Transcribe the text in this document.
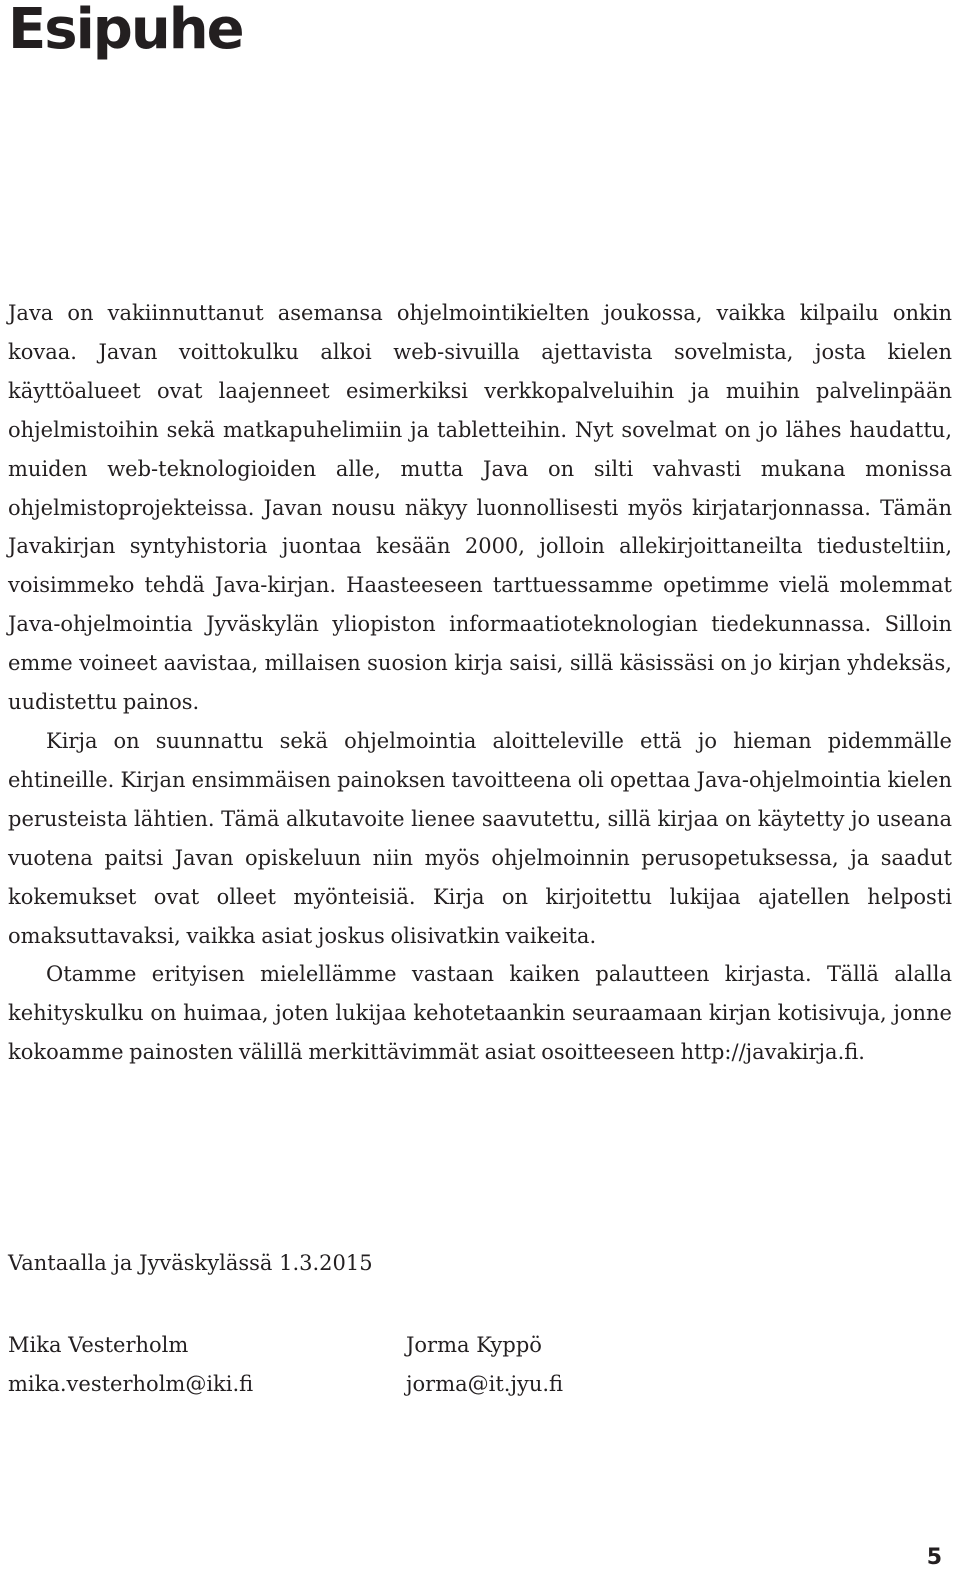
Esipuhe

Java on vakiinnuttanut asemansa ohjelmointikielten joukossa, vaikka kilpailu onkin kovaa. Javan voittokulku alkoi web-sivuilla ajettavista sovelmista, josta kielen käyttöalueet ovat laajenneet esimerkiksi verkkopalveluihin ja muihin palvelinpään ohjelmistoihin sekä matkapuhelimiin ja tabletteihin. Nyt sovelmat on jo lähes haudattu, muiden web-teknologioiden alle, mutta Java on silti vahvasti mukana monissa ohjelmistoprojekteissa. Javan nousu näkyy luonnollisesti myös kirjatarjonnassa. Tämän Javakirjan syntyhistoria juontaa kesään 2000, jolloin allekirjoittaneilta tiedusteltiin, voisimmeko tehdä Java-kirjan. Haasteeseen tarttuessamme opetimme vielä molemmat Java-ohjelmointia Jyväskylän yliopiston informaatioteknologian tiedekunnassa. Silloin emme voineet aavistaa, millaisen suosion kirja saisi, sillä käsissäsi on jo kirjan yhdeksäs, uudistettu painos.

Kirja on suunnattu sekä ohjelmointia aloitteleville että jo hieman pidemmälle ehtineille. Kirjan ensimmäisen painoksen tavoitteena oli opettaa Java-ohjelmointia kielen perusteista lähtien. Tämä alkutavoite lienee saavutettu, sillä kirjaa on käytetty jo useana vuotena paitsi Javan opiskeluun niin myös ohjelmoinnin perusopetuksessa, ja saadut kokemukset ovat olleet myönteisiä. Kirja on kirjoitettu lukijaa ajatellen helposti omaksuttavaksi, vaikka asiat joskus olisivatkin vaikeita.

Otamme erityisen mielellämme vastaan kaiken palautteen kirjasta. Tällä alalla kehityskulku on huimaa, joten lukijaa kehotetaankin seuraamaan kirjan kotisivuja, jonne kokoamme painosten välillä merkittävimmät asiat osoitteeseen http://javakirja.fi.

Vantaalla ja Jyväskylässä 1.3.2015
Mika Vesterholm
mika.vesterholm@iki.fi
Jorma Kyppö
jorma@it.jyu.fi
5
